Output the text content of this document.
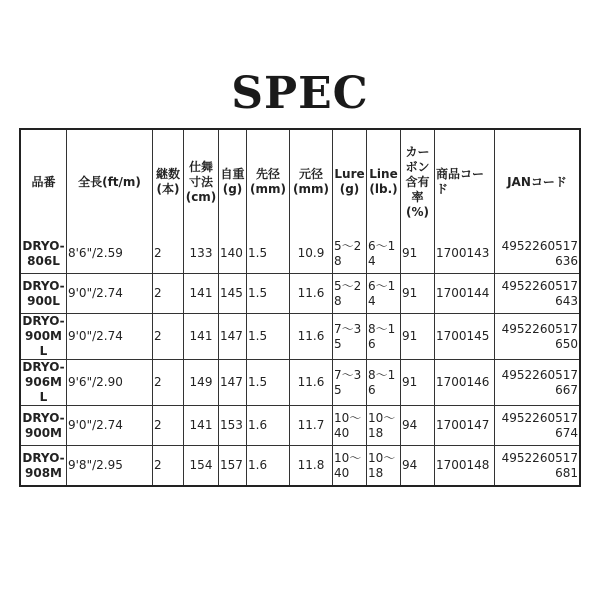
SPEC
品番	全長(ft/m)	継数(本)	仕舞寸法(cm)	自重(g)	先径(mm)	元径(mm)	Lure(g)	Line(lb.)	カーボン含有率(%)	商品コード	JANコード
DRYO-806L	8'6"/2.59	2	133	140	1.5	10.9	5～28	6～14	91	1700143	4952260517636
DRYO-900L	9'0"/2.74	2	141	145	1.5	11.6	5～28	6～14	91	1700144	4952260517643
DRYO-900ML	9'0"/2.74	2	141	147	1.5	11.6	7～35	8～16	91	1700145	4952260517650
DRYO-906ML	9'6"/2.90	2	149	147	1.5	11.6	7～35	8～16	91	1700146	4952260517667
DRYO-900M	9'0"/2.74	2	141	153	1.6	11.7	10～40	10～18	94	1700147	4952260517674
DRYO-908M	9'8"/2.95	2	154	157	1.6	11.8	10～40	10～18	94	1700148	4952260517681
